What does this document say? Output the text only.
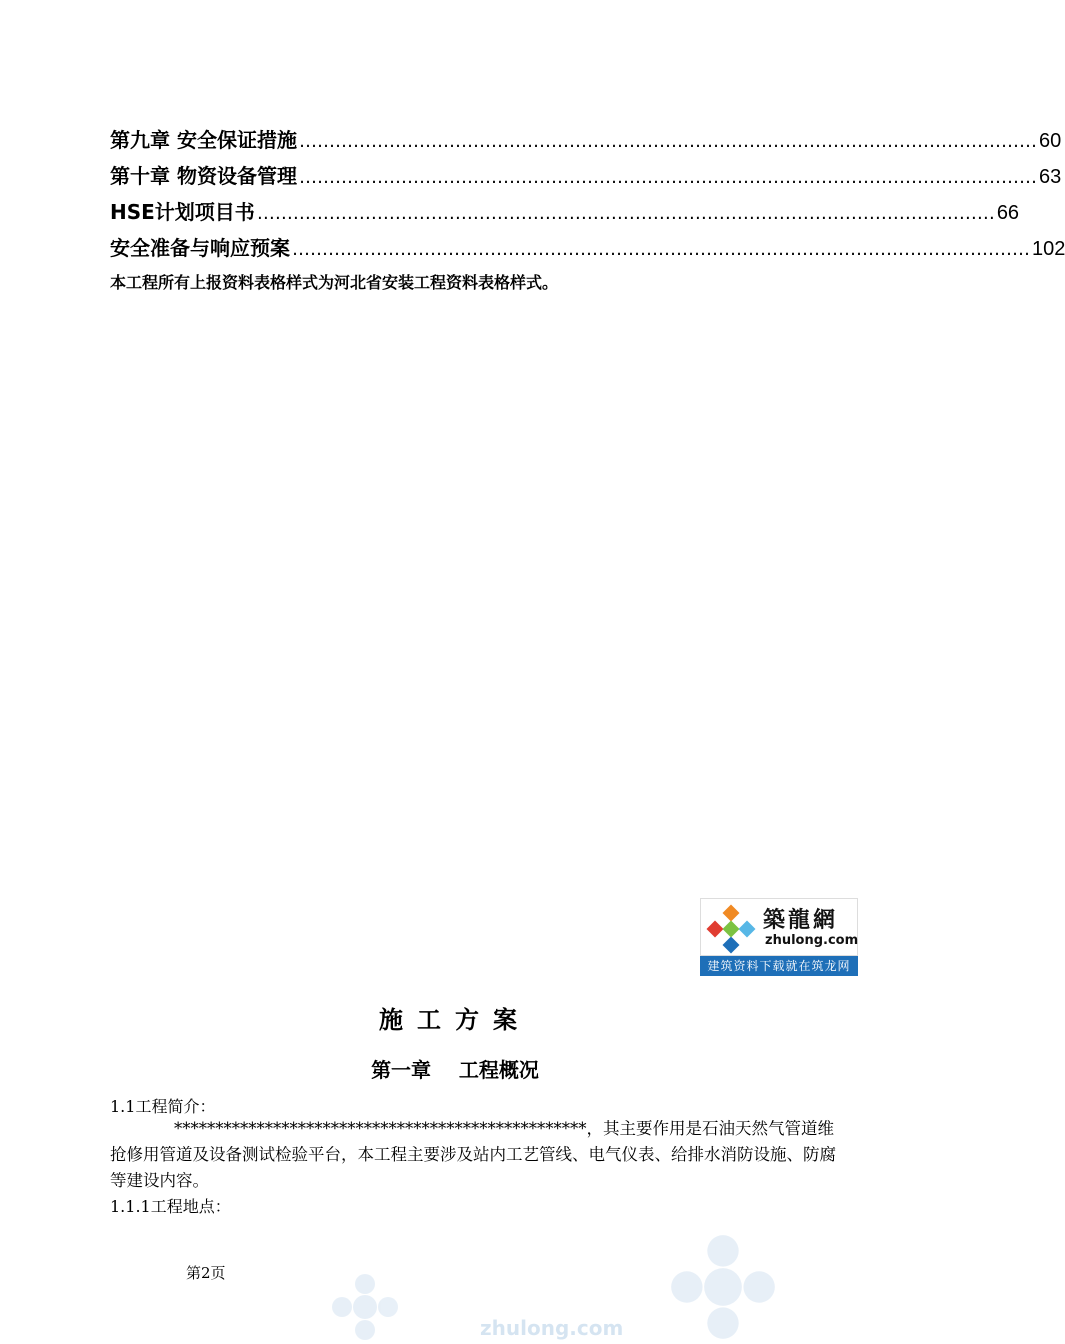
第九章 安全保证措施 …………………………………………………………………………………………………………… 60
第十章 物资设备管理 …………………………………………………………………………………………………………… 63
HSE计划项目书 …………………………………………………………………………………………………………… 66
安全准备与响应预案 …………………………………………………………………………………………………………… 102
本工程所有上报资料表格样式为河北省安装工程资料表格样式。
築龍網
zhulong.com
建筑资料下载就在筑龙网
施工方案
第一章    工程概况
1.1工程简介：
**************************************************，其主要作用是石油天然气管道维抢修用管道及设备测试检验平台，本工程主要涉及站内工艺管线、电气仪表、给排水消防设施、防腐等建设内容。
1.1.1工程地点：
第2页
zhulong.com
